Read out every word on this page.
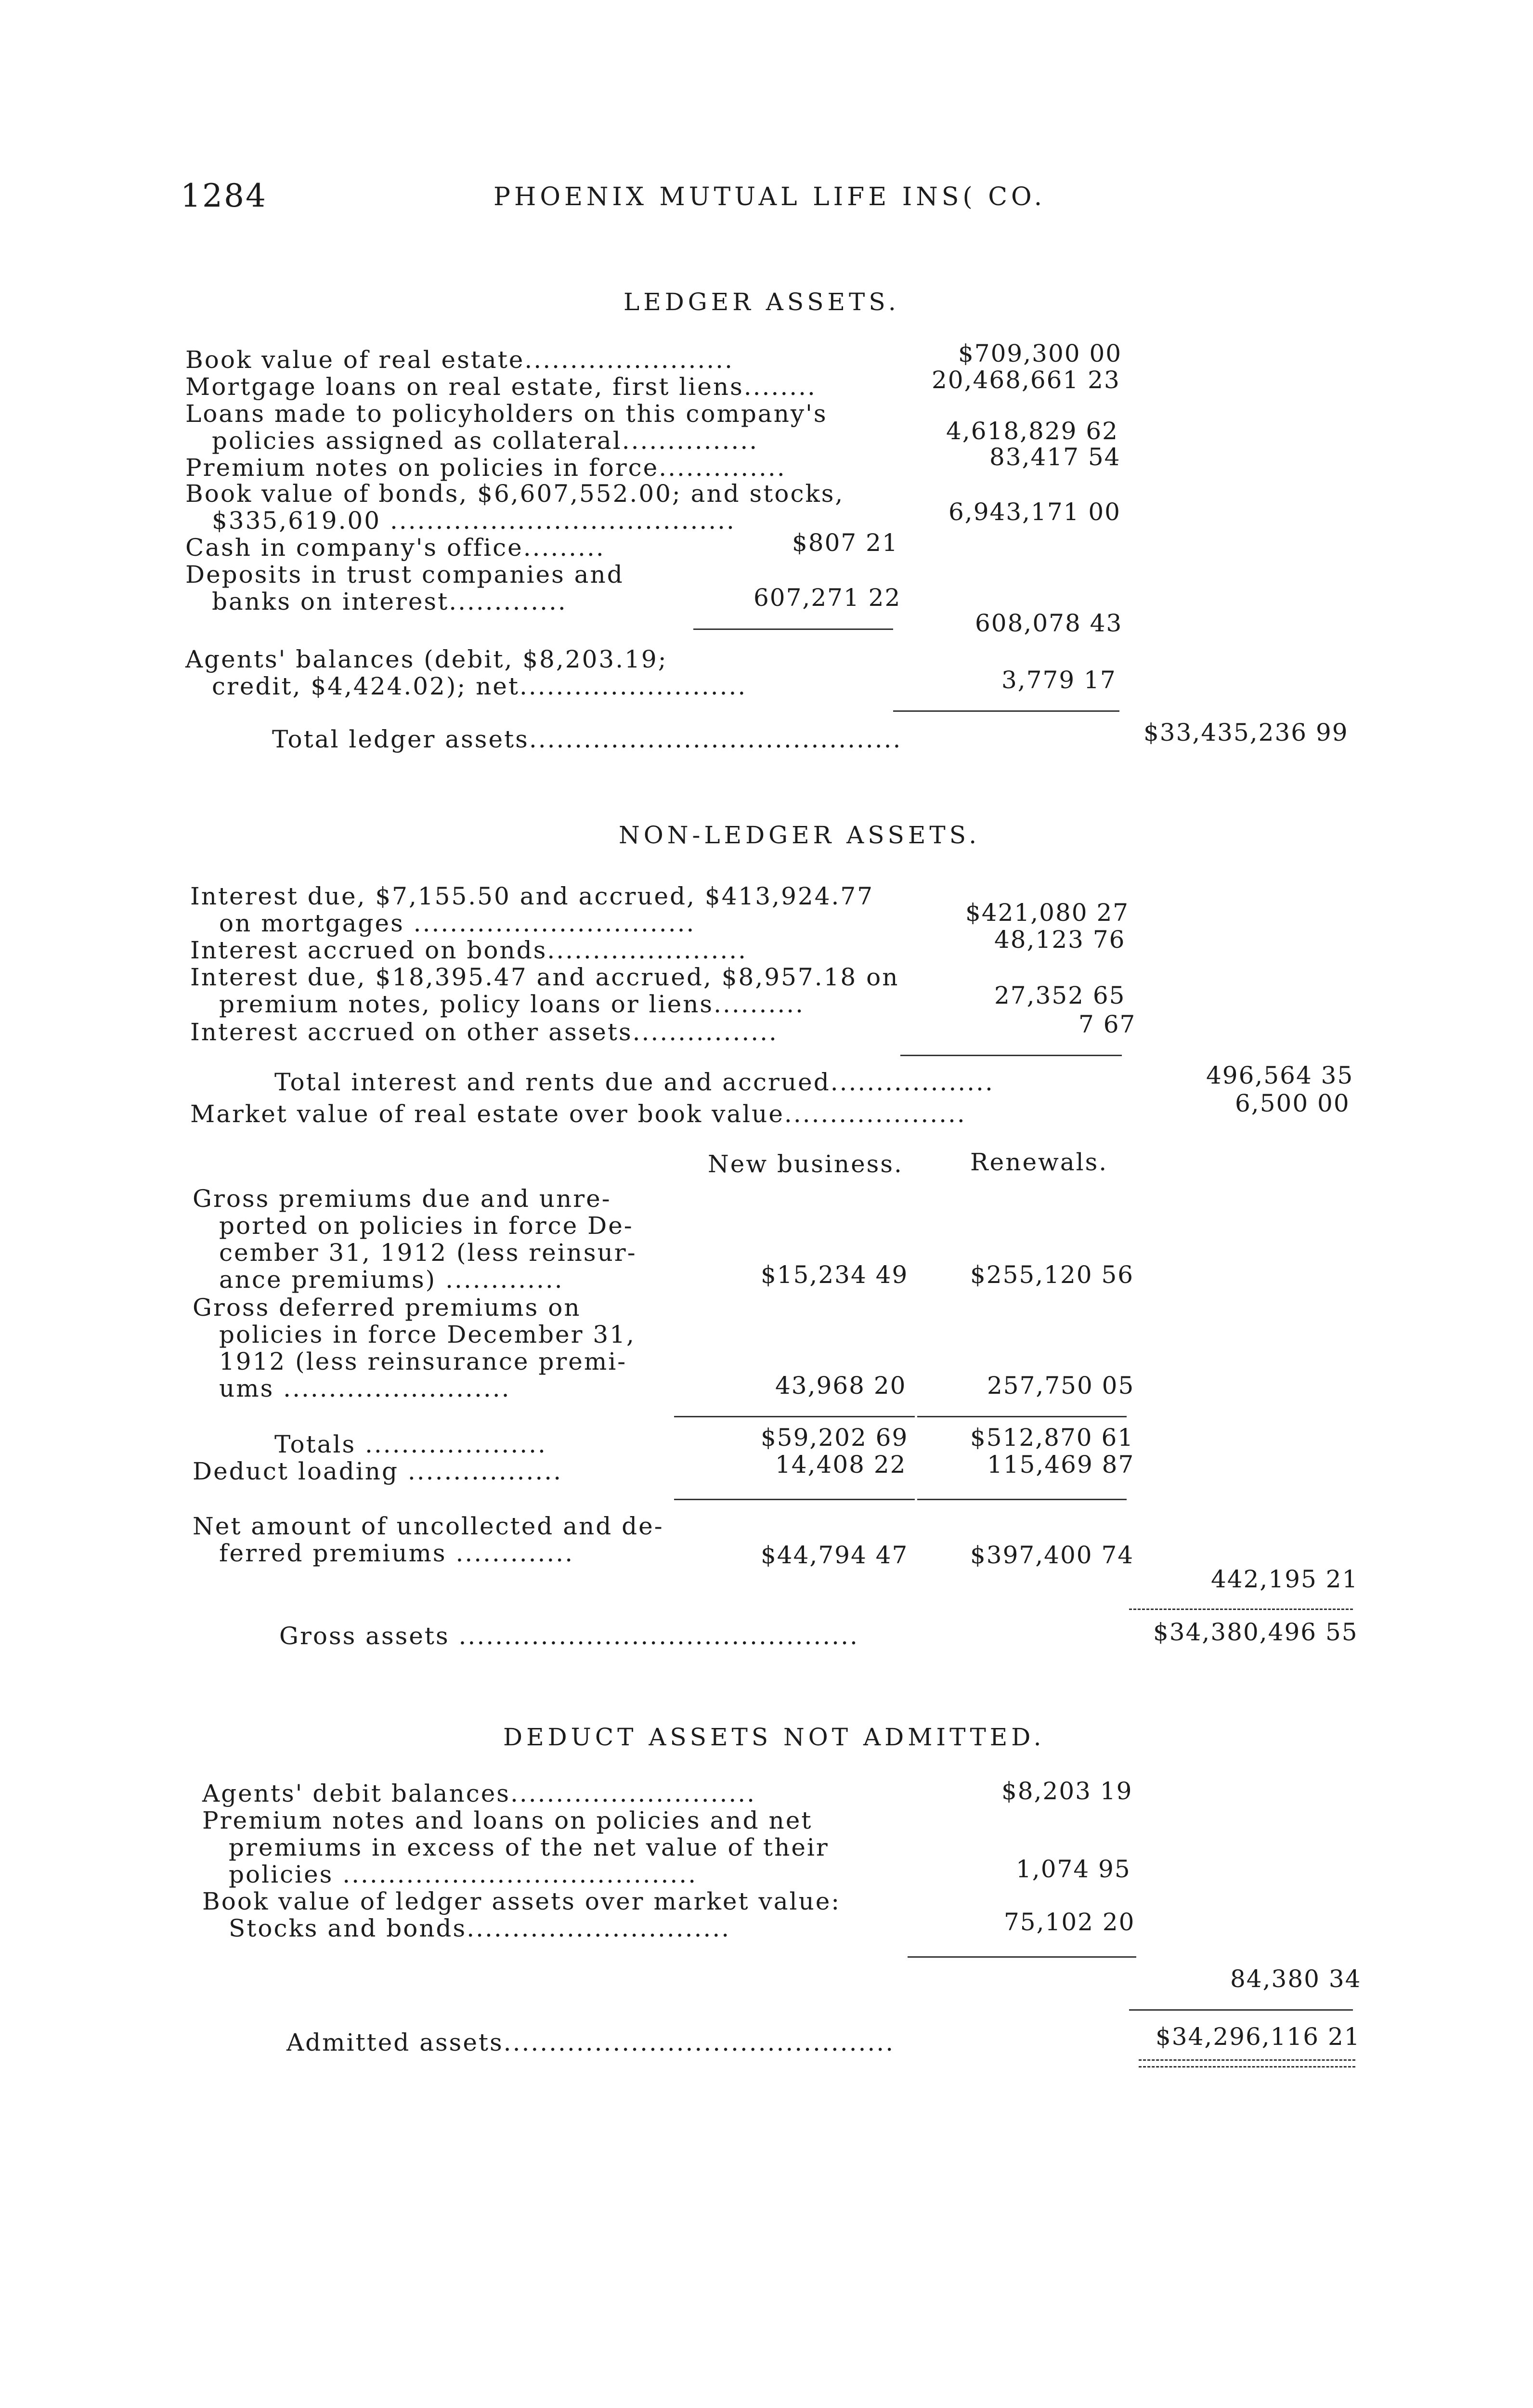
1284	PHOENIX MUTUAL LIFE INS( CO.
LEDGER ASSETS.
Book value of real estate.......................	$709,300 00
Mortgage loans on real estate, first liens........	20,468,661 23
Loans made to policyholders on this company's
policies assigned as collateral...............	4,618,829 62
Premium notes on policies in force..............	83,417 54
Book value of bonds, $6,607,552.00; and stocks,
$335,619.00 ......................................	6,943,171 00
Cash in company's office.........	$807 21
Deposits in trust companies and
banks on interest.............	607,271 22
608,078 43
Agents' balances (debit, $8,203.19;
credit, $4,424.02); net.........................	3,779 17
Total ledger assets.........................................	$33,435,236 99
NON-LEDGER ASSETS.
Interest due, $7,155.50 and accrued, $413,924.77
on mortgages ...............................	$421,080 27
Interest accrued on bonds......................	48,123 76
Interest due, $18,395.47 and accrued, $8,957.18 on
premium notes, policy loans or liens..........	27,352 65
Interest accrued on other assets................	7 67
Total interest and rents due and accrued..................	496,564 35
Market value of real estate over book value....................	6,500 00
New business.	Renewals.
Gross premiums due and unre-
ported on policies in force De-
cember 31, 1912 (less reinsur-
ance premiums) .............	$15,234 49	$255,120 56
Gross deferred premiums on
policies in force December 31,
1912 (less reinsurance premi-
ums .........................	43,968 20	257,750 05
Totals ....................	$59,202 69	$512,870 61
Deduct loading .................	14,408 22	115,469 87
Net amount of uncollected and de-
ferred premiums .............	$44,794 47	$397,400 74
442,195 21
Gross assets ............................................	$34,380,496 55
DEDUCT ASSETS NOT ADMITTED.
Agents' debit balances...........................	$8,203 19
Premium notes and loans on policies and net
premiums in excess of the net value of their
policies .......................................	1,074 95
Book value of ledger assets over market value:
Stocks and bonds.............................	75,102 20
84,380 34
Admitted assets...........................................	$34,296,116 21
